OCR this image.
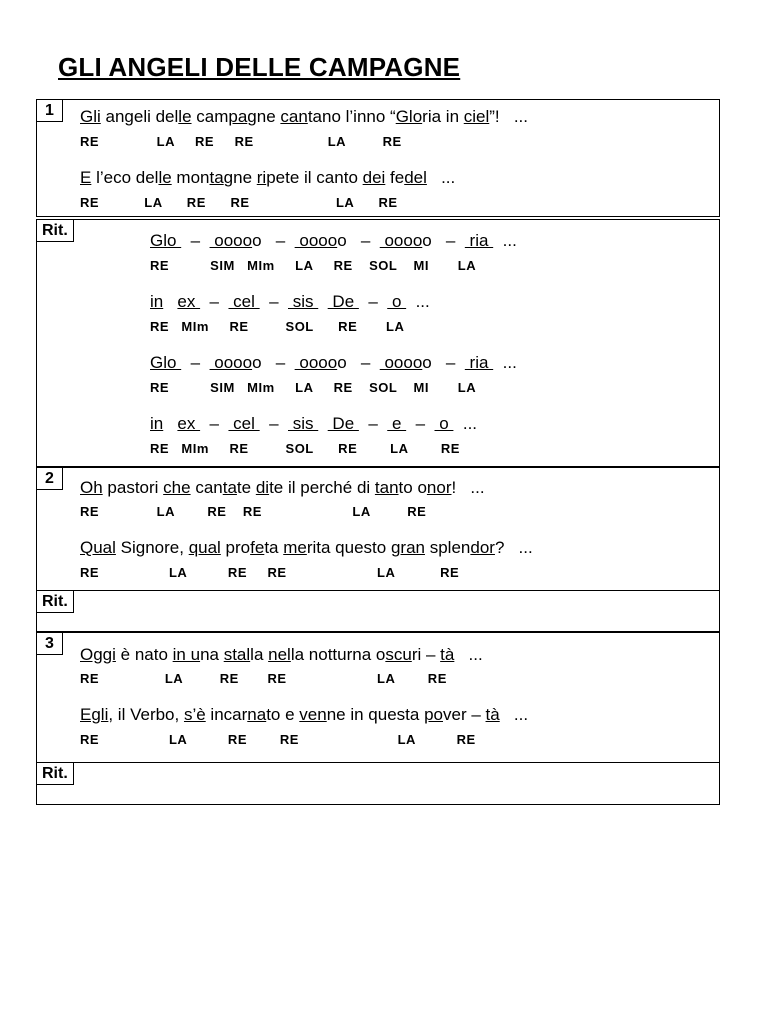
GLI ANGELI DELLE CAMPAGNE
1	Gli angeli delle campagne cantano l’inno “Gloria in ciel”!   ...
RE              LA     RE     RE                  LA         RE
E l’eco delle montagne ripete il canto dei fedel   ...
RE           LA      RE      RE                     LA      RE
Rit.
Glo   –   ooooo   –   ooooo   –   ooooo   –   ria   ...
RE          SIM   MIm     LA     RE    SOL    MI       LA
in ex   –   cel   –   sis    De   –   o   ...
RE   MIm     RE         SOL      RE       LA
Glo   –   ooooo   –   ooooo   –   ooooo   –   ria   ...
RE          SIM   MIm     LA     RE    SOL    MI       LA
in ex   –   cel   –   sis    De   –   e   –   o   ...
RE   MIm     RE         SOL      RE        LA        RE
2	Oh pastori che cantate dite il perché di tanto onor!   ...
RE              LA        RE    RE                      LA         RE
Qual Signore, qual profeta merita questo gran splendor?   ...
RE                 LA          RE     RE                      LA           RE
Rit.
3
Oggi è nato in una stalla nella notturna oscuri – tà   ...
RE                LA         RE       RE                      LA        RE
Egli, il Verbo, s’è incarnato e venne in questa pover – tà   ...
RE                 LA          RE        RE                        LA          RE
Rit.
